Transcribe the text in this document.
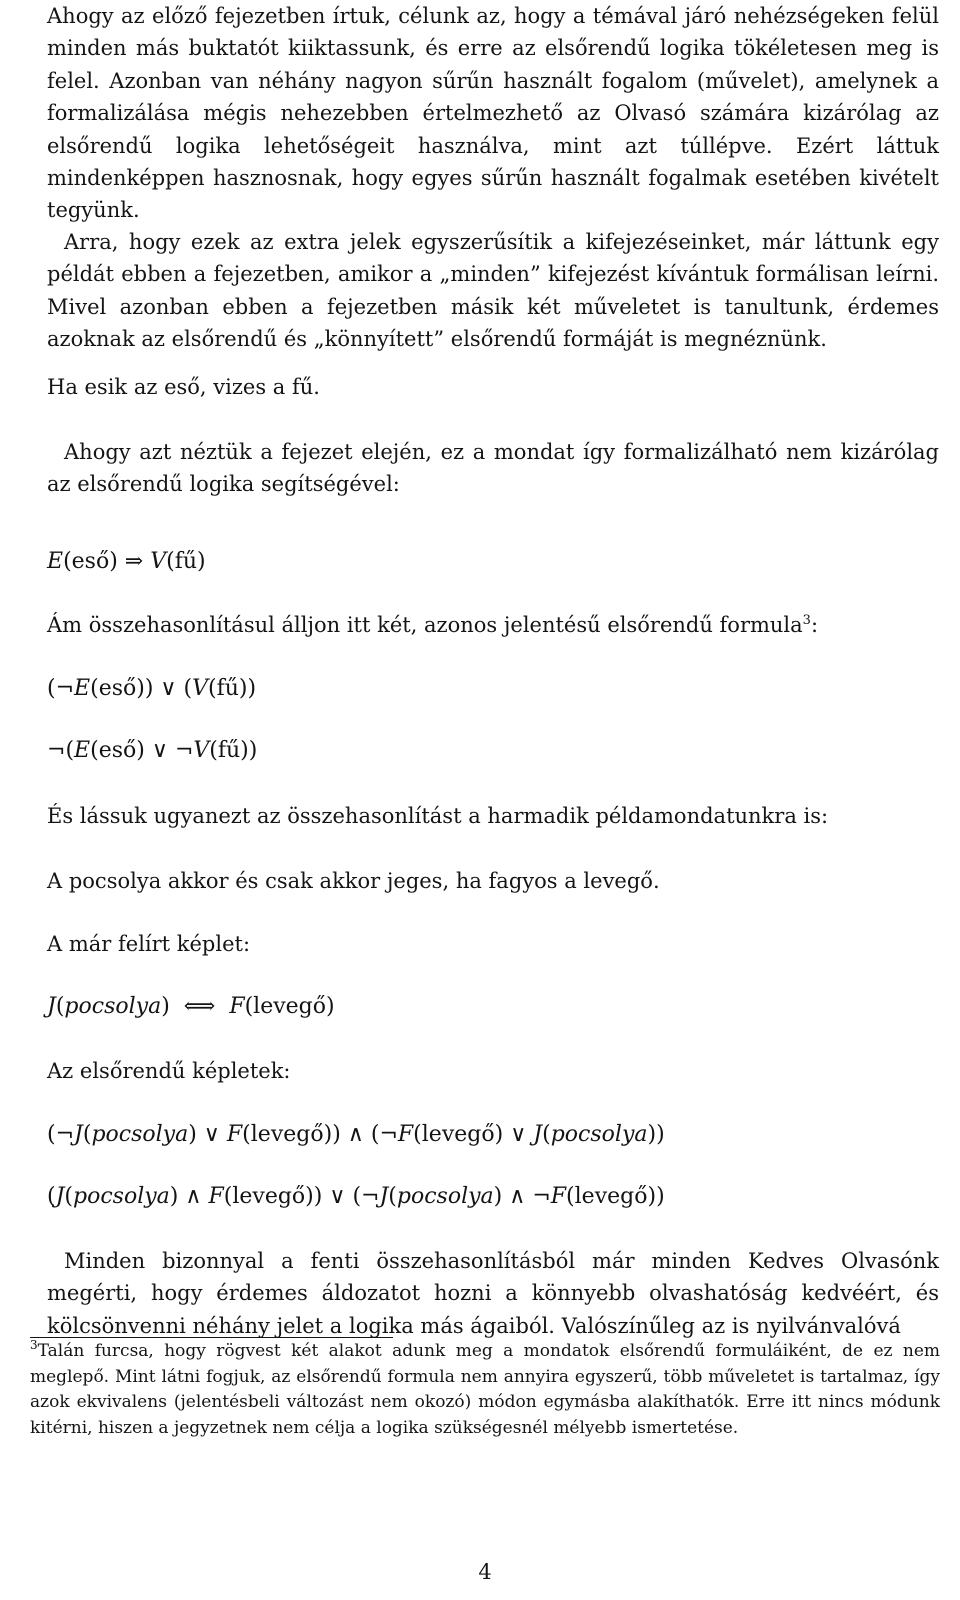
Ahogy az előző fejezetben írtuk, célunk az, hogy a témával járó nehézségeken felül minden más buktatót kiiktassunk, és erre az elsőrendű logika tökéletesen meg is felel. Azonban van néhány nagyon sűrűn használt fogalom (művelet), amelynek a formalizálása mégis nehezebben értelmezhető az Olvasó számára kizárólag az elsőrendű logika lehetőségeit használva, mint azt túllépve. Ezért láttuk mindenképpen hasznosnak, hogy egyes sűrűn használt fogalmak esetében kivételt tegyünk.

Arra, hogy ezek az extra jelek egyszerűsítik a kifejezéseinket, már láttunk egy példát ebben a fejezetben, amikor a „minden” kifejezést kívántuk formálisan leírni. Mivel azonban ebben a fejezetben másik két műveletet is tanultunk, érdemes azoknak az elsőrendű és „könnyített” elsőrendű formáját is megnéznünk.

Ha esik az eső, vizes a fű.

Ahogy azt néztük a fejezet elején, ez a mondat így formalizálható nem kizárólag az elsőrendű logika segítségével:

E(eső) ⇒ V(fű)

Ám összehasonlításul álljon itt két, azonos jelentésű elsőrendű formula$^3$:

(¬E(eső)) ∨ (V(fű))

¬(E(eső) ∨ ¬V(fű))

És lássuk ugyanezt az összehasonlítást a harmadik példamondatunkra is:

A pocsolya akkor és csak akkor jeges, ha fagyos a levegő.

A már felírt képlet:

J(pocsolya)  ⟺ F(levegő)

Az elsőrendű képletek:

(¬J(pocsolya) ∨ F(levegő)) ∧ (¬F(levegő) ∨ J(pocsolya))

(J(pocsolya) ∧ F(levegő)) ∨ (¬J(pocsolya) ∧ ¬F(levegő))

Minden bizonnyal a fenti összehasonlításból már minden Kedves Olvasónk megérti, hogy érdemes áldozatot hozni a könnyebb olvashatóság kedvéért, és kölcsönvenni néhány jelet a logika más ágaiból. Valószínűleg az is nyilvánvalóvá

$^3$Talán furcsa, hogy rögvest két alakot adunk meg a mondatok elsőrendű formuláiként, de ez nem meglepő. Mint látni fogjuk, az elsőrendű formula nem annyira egyszerű, több műveletet is tartalmaz, így azok ekvivalens (jelentésbeli változást nem okozó) módon egymásba alakíthatók. Erre itt nincs módunk kitérni, hiszen a jegyzetnek nem célja a logika szükségesnél mélyebb ismertetése.

4
